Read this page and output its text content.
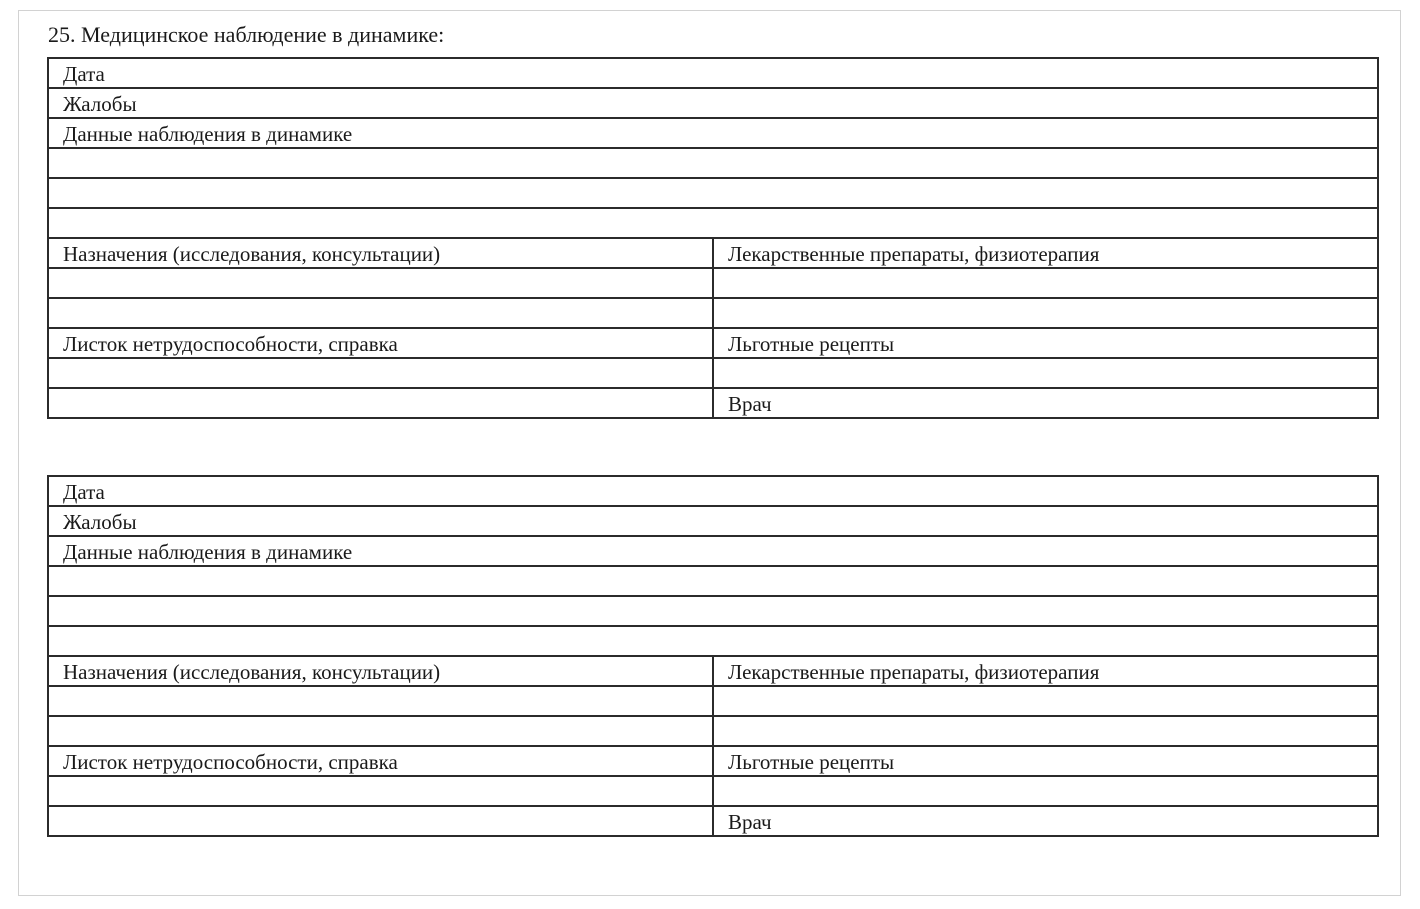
25. Медицинское наблюдение в динамике:
Дата	
Жалобы	
Данные наблюдения в динамике	

Назначения (исследования, консультации)	Лекарственные препараты, физиотерапия

Листок нетрудоспособности, справка	Льготные рецепты

	Врач
Дата	
Жалобы	
Данные наблюдения в динамике	

Назначения (исследования, консультации)	Лекарственные препараты, физиотерапия

Листок нетрудоспособности, справка	Льготные рецепты

	Врач
